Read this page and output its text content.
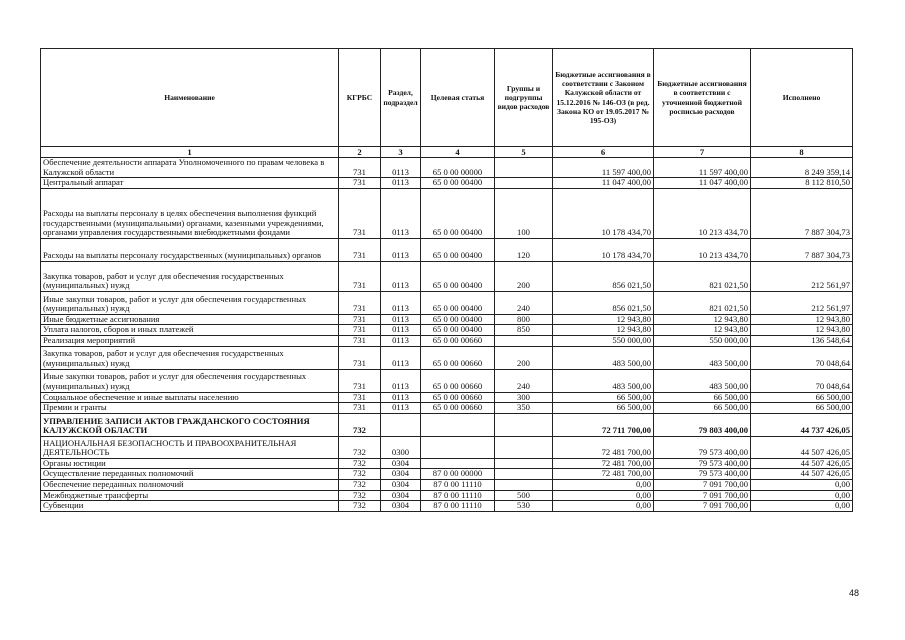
Наименование	КГРБС	Раздел, подраздел	Целевая статья	Группы и подгруппы видов расходов	Бюджетные ассигнования в соответствии с Законом Калужской области от 15.12.2016 № 146-ОЗ (в ред. Закона КО от 19.05.2017 № 195-ОЗ)	Бюджетные ассигнования в соответствии с уточненной бюджетной росписью расходов	Исполнено
1	2	3	4	5	6	7	8
Обеспечение деятельности аппарата Уполномоченного по правам человека в Калужской области	731	0113	65 0 00 00000		11 597 400,00	11 597 400,00	8 249 359,14
Центральный аппарат	731	0113	65 0 00 00400		11 047 400,00	11 047 400,00	8 112 810,50
Расходы на выплаты персоналу в целях обеспечения выполнения функций государственными (муниципальными) органами, казенными учреждениями, органами управления государственными внебюджетными фондами	731	0113	65 0 00 00400	100	10 178 434,70	10 213 434,70	7 887 304,73
Расходы на выплаты персоналу государственных (муниципальных) органов	731	0113	65 0 00 00400	120	10 178 434,70	10 213 434,70	7 887 304,73
Закупка товаров, работ и услуг для обеспечения государственных (муниципальных) нужд	731	0113	65 0 00 00400	200	856 021,50	821 021,50	212 561,97
Иные закупки товаров, работ и услуг для обеспечения государственных (муниципальных) нужд	731	0113	65 0 00 00400	240	856 021,50	821 021,50	212 561,97
Иные бюджетные ассигнования	731	0113	65 0 00 00400	800	12 943,80	12 943,80	12 943,80
Уплата налогов, сборов и иных платежей	731	0113	65 0 00 00400	850	12 943,80	12 943,80	12 943,80
Реализация мероприятий	731	0113	65 0 00 00660		550 000,00	550 000,00	136 548,64
Закупка товаров, работ и услуг для обеспечения государственных (муниципальных) нужд	731	0113	65 0 00 00660	200	483 500,00	483 500,00	70 048,64
Иные закупки товаров, работ и услуг для обеспечения государственных (муниципальных) нужд	731	0113	65 0 00 00660	240	483 500,00	483 500,00	70 048,64
Социальное обеспечение и иные выплаты населению	731	0113	65 0 00 00660	300	66 500,00	66 500,00	66 500,00
Премии и гранты	731	0113	65 0 00 00660	350	66 500,00	66 500,00	66 500,00
УПРАВЛЕНИЕ ЗАПИСИ АКТОВ ГРАЖДАНСКОГО СОСТОЯНИЯ КАЛУЖСКОЙ ОБЛАСТИ	732				72 711 700,00	79 803 400,00	44 737 426,05
НАЦИОНАЛЬНАЯ БЕЗОПАСНОСТЬ И ПРАВООХРАНИТЕЛЬНАЯ ДЕЯТЕЛЬНОСТЬ	732	0300			72 481 700,00	79 573 400,00	44 507 426,05
Органы юстиции	732	0304			72 481 700,00	79 573 400,00	44 507 426,05
Осуществление переданных полномочий	732	0304	87 0 00 00000		72 481 700,00	79 573 400,00	44 507 426,05
Обеспечение переданных полномочий	732	0304	87 0 00 11110		0,00	7 091 700,00	0,00
Межбюджетные трансферты	732	0304	87 0 00 11110	500	0,00	7 091 700,00	0,00
Субвенции	732	0304	87 0 00 11110	530	0,00	7 091 700,00	0,00
48
